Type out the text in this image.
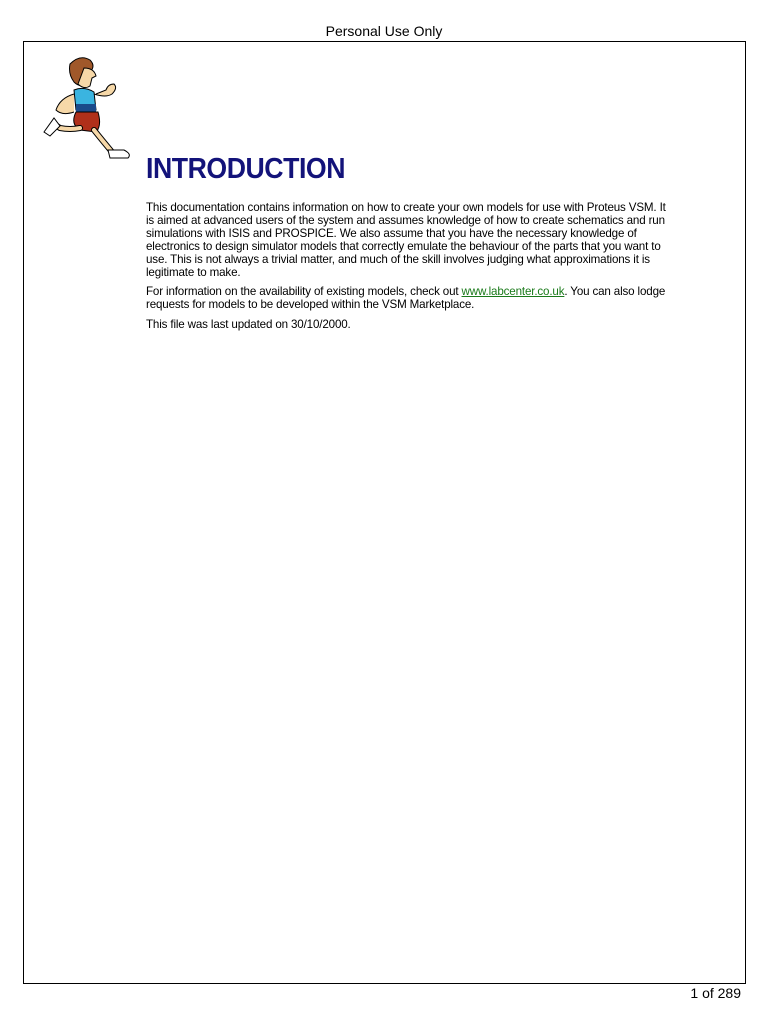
Personal Use Only
INTRODUCTION

This documentation contains information on how to create your own models for use with Proteus VSM. It is aimed at advanced users of the system and assumes knowledge of how to create schematics and run simulations with ISIS and PROSPICE. We also assume that you have the necessary knowledge of electronics to design simulator models that correctly emulate the behaviour of the parts that you want to use. This is not always a trivial matter, and much of the skill involves judging what approximations it is legitimate to make.

For information on the availability of existing models, check out www.labcenter.co.uk. You can also lodge requests for models to be developed within the VSM Marketplace.

This file was last updated on 30/10/2000.

1 of 289
